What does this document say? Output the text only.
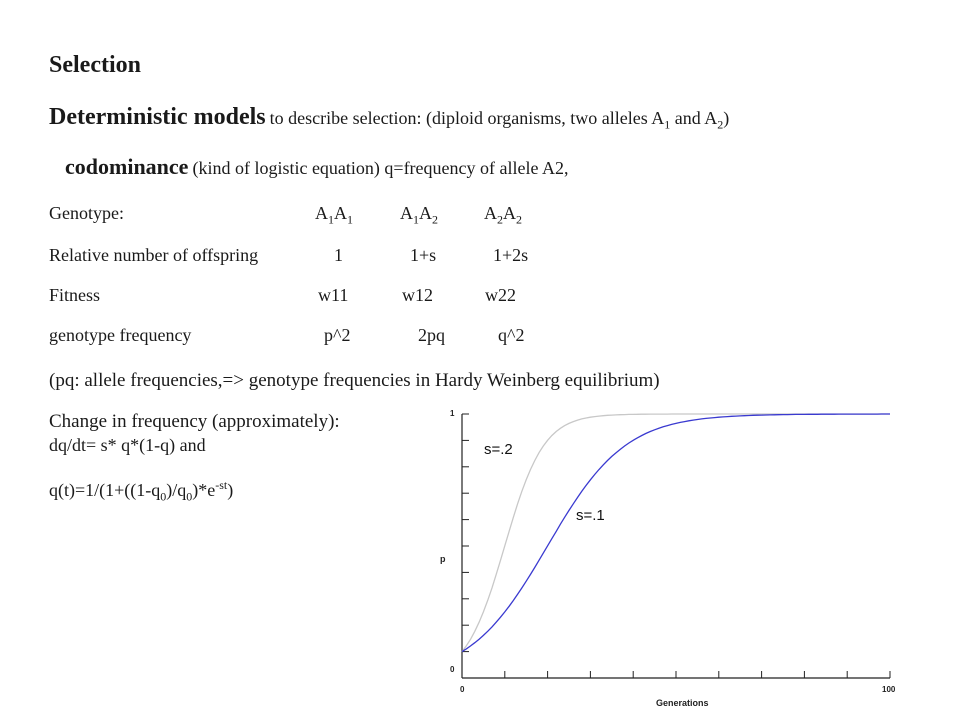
Selection
Deterministic models to describe selection: (diploid organisms, two alleles $A_1$ and $A_2$)
codominance (kind of logistic equation) q=frequency of allele A2,
Genotype:	$A_1A_1$	$A_1A_2$	$A_2A_2$
Relative number of offspring	1	1+s	1+2s
Fitness	w11	w12	w22
genotype frequency	p^2	2pq	q^2
(pq: allele frequencies,=> genotype frequencies in Hardy Weinberg equilibrium)
Change in frequency (approximately):
dq/dt= s* q*(1-q) and
$q(t)=1/(1+((1-q_0)/q_0)*e^{-st})$
p
Generations
0
1
0	100
s=.2
s=.1
